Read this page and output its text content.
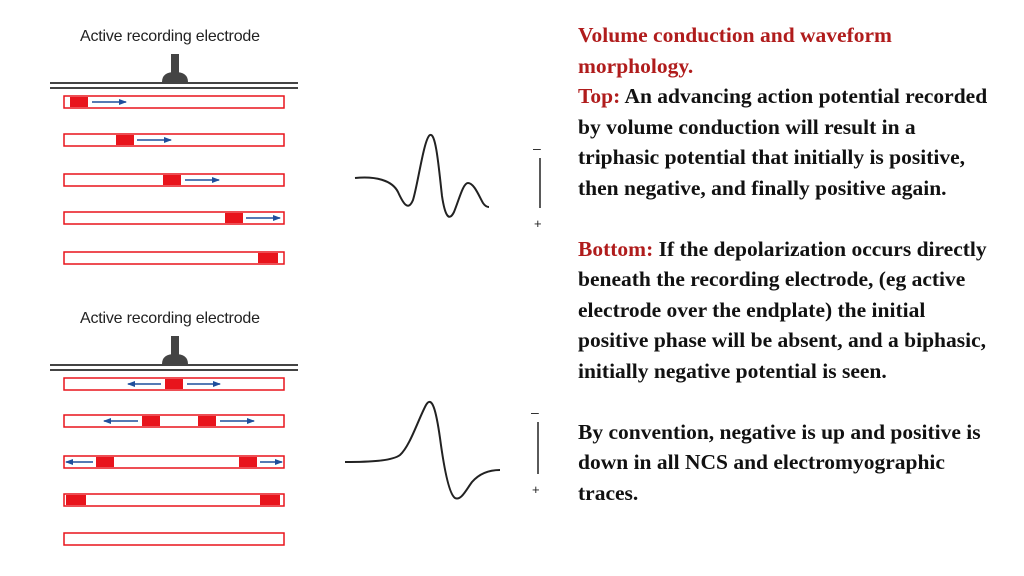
Active recording electrode
Active recording electrode
–
+
–
+

Volume conduction and waveform morphology.

Top: An advancing action potential recorded by volume conduction will result in a triphasic potential that initially is positive, then negative, and finally positive again.

Bottom: If the depolarization occurs directly beneath the recording electrode, (eg active electrode over the endplate) the initial positive phase will be absent, and a biphasic, initially negative potential is seen.

By convention, negative is up and positive is down in all NCS and electromyographic traces.
